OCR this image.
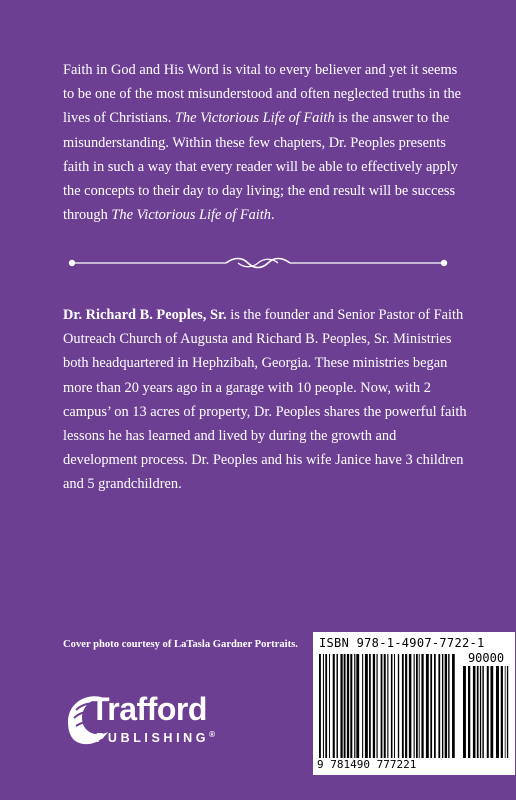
Faith in God and His Word is vital to every believer and yet it seems to be one of the most misunderstood and often neglected truths in the lives of Christians. The Victorious Life of Faith is the answer to the misunderstanding. Within these few chapters, Dr. Peoples presents faith in such a way that every reader will be able to effectively apply the concepts to their day to day living; the end result will be success through The Victorious Life of Faith.

Dr. Richard B. Peoples, Sr. is the founder and Senior Pastor of Faith Outreach Church of Augusta and Richard B. Peoples, Sr. Ministries both headquartered in Hephzibah, Georgia. These ministries began more than 20 years ago in a garage with 10 people. Now, with 2 campus’ on 13 acres of property, Dr. Peoples shares the powerful faith lessons he has learned and lived by during the growth and development process. Dr. Peoples and his wife Janice have 3 children and 5 grandchildren.

Cover photo courtesy of LaTasla Gardner Portraits. ISBN 978-1-4907-7722-1
90000
9 781490 777221
Trafford
PUBLISHING®
